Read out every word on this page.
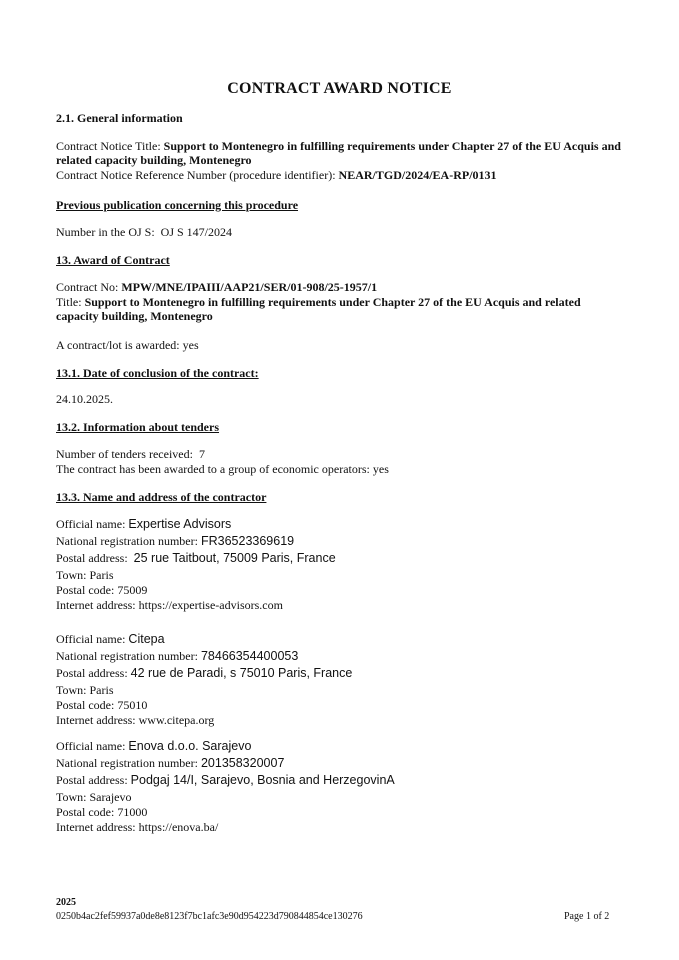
CONTRACT AWARD NOTICE
2.1. General information
Contract Notice Title: Support to Montenegro in fulfilling requirements under Chapter 27 of the EU Acquis and related capacity building, Montenegro
Contract Notice Reference Number (procedure identifier): NEAR/TGD/2024/EA-RP/0131
Previous publication concerning this procedure
Number in the OJ S: OJ S 147/2024
13. Award of Contract
Contract No: MPW/MNE/IPAIII/AAP21/SER/01-908/25-1957/1
Title: Support to Montenegro in fulfilling requirements under Chapter 27 of the EU Acquis and related capacity building, Montenegro
A contract/lot is awarded: yes
13.1. Date of conclusion of the contract:
24.10.2025.
13.2. Information about tenders
Number of tenders received: 7
The contract has been awarded to a group of economic operators: yes
13.3. Name and address of the contractor
Official name: Expertise Advisors
National registration number: FR36523369619
Postal address: 25 rue Taitbout, 75009 Paris, France
Town: Paris
Postal code: 75009
Internet address: https://expertise-advisors.com
Official name: Citepa
National registration number: 78466354400053
Postal address: 42 rue de Paradi, s 75010 Paris, France
Town: Paris
Postal code: 75010
Internet address: www.citepa.org
Official name: Enova d.o.o. Sarajevo
National registration number: 201358320007
Postal address: Podgaj 14/I, Sarajevo, Bosnia and HerzegovinA
Town: Sarajevo
Postal code: 71000
Internet address: https://enova.ba/
2025
0250b4ac2fef59937a0de8e8123f7bc1afc3e90d954223d790844854ce130276	Page 1 of 2
